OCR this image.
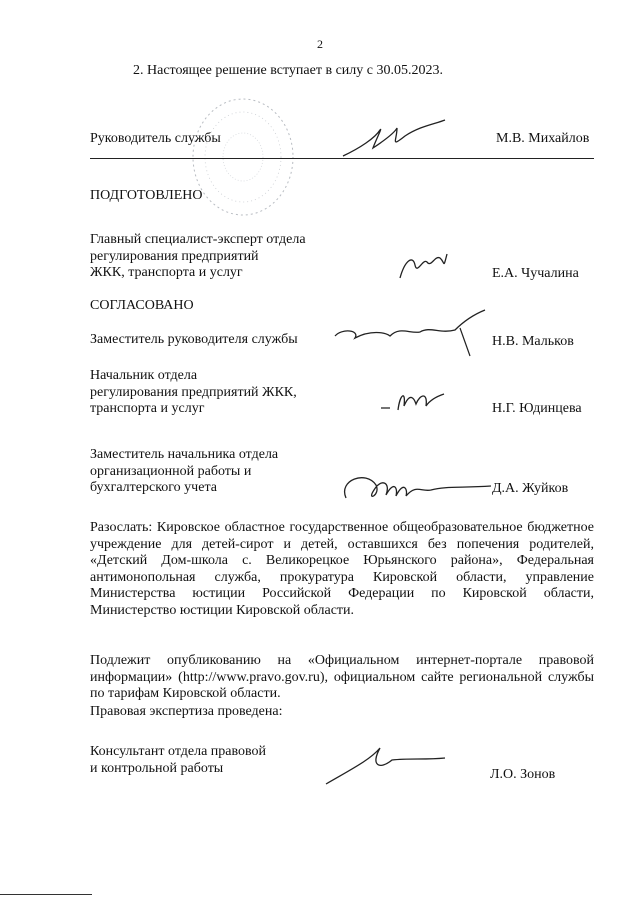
2
2. Настоящее решение вступает в силу с 30.05.2023.
Руководитель службы	М.В. Михайлов
ПОДГОТОВЛЕНО
Главный специалист-эксперт отдела
регулирования предприятий
ЖКК, транспорта и услуг	Е.А. Чучалина
СОГЛАСОВАНО
Заместитель руководителя службы	Н.В. Мальков
Начальник отдела
регулирования предприятий ЖКК,
транспорта и услуг	Н.Г. Юдинцева
Заместитель начальника отдела
организационной работы и
бухгалтерского учета	Д.А. Жуйков
Разослать: Кировское областное государственное общеобразовательное бюджетное учреждение для детей-сирот и детей, оставшихся без попечения родителей, «Детский Дом-школа с. Великорецкое Юрьянского района», Федеральная антимонопольная служба, прокуратура Кировской области, управление Министерства юстиции Российской Федерации по Кировской области, Министерство юстиции Кировской области.
Подлежит опубликованию на «Официальном интернет-портале правовой информации» (http://www.pravo.gov.ru), официальном сайте региональной службы по тарифам Кировской области.
Правовая экспертиза проведена:
Консультант отдела правовой
и контрольной работы	Л.О. Зонов
